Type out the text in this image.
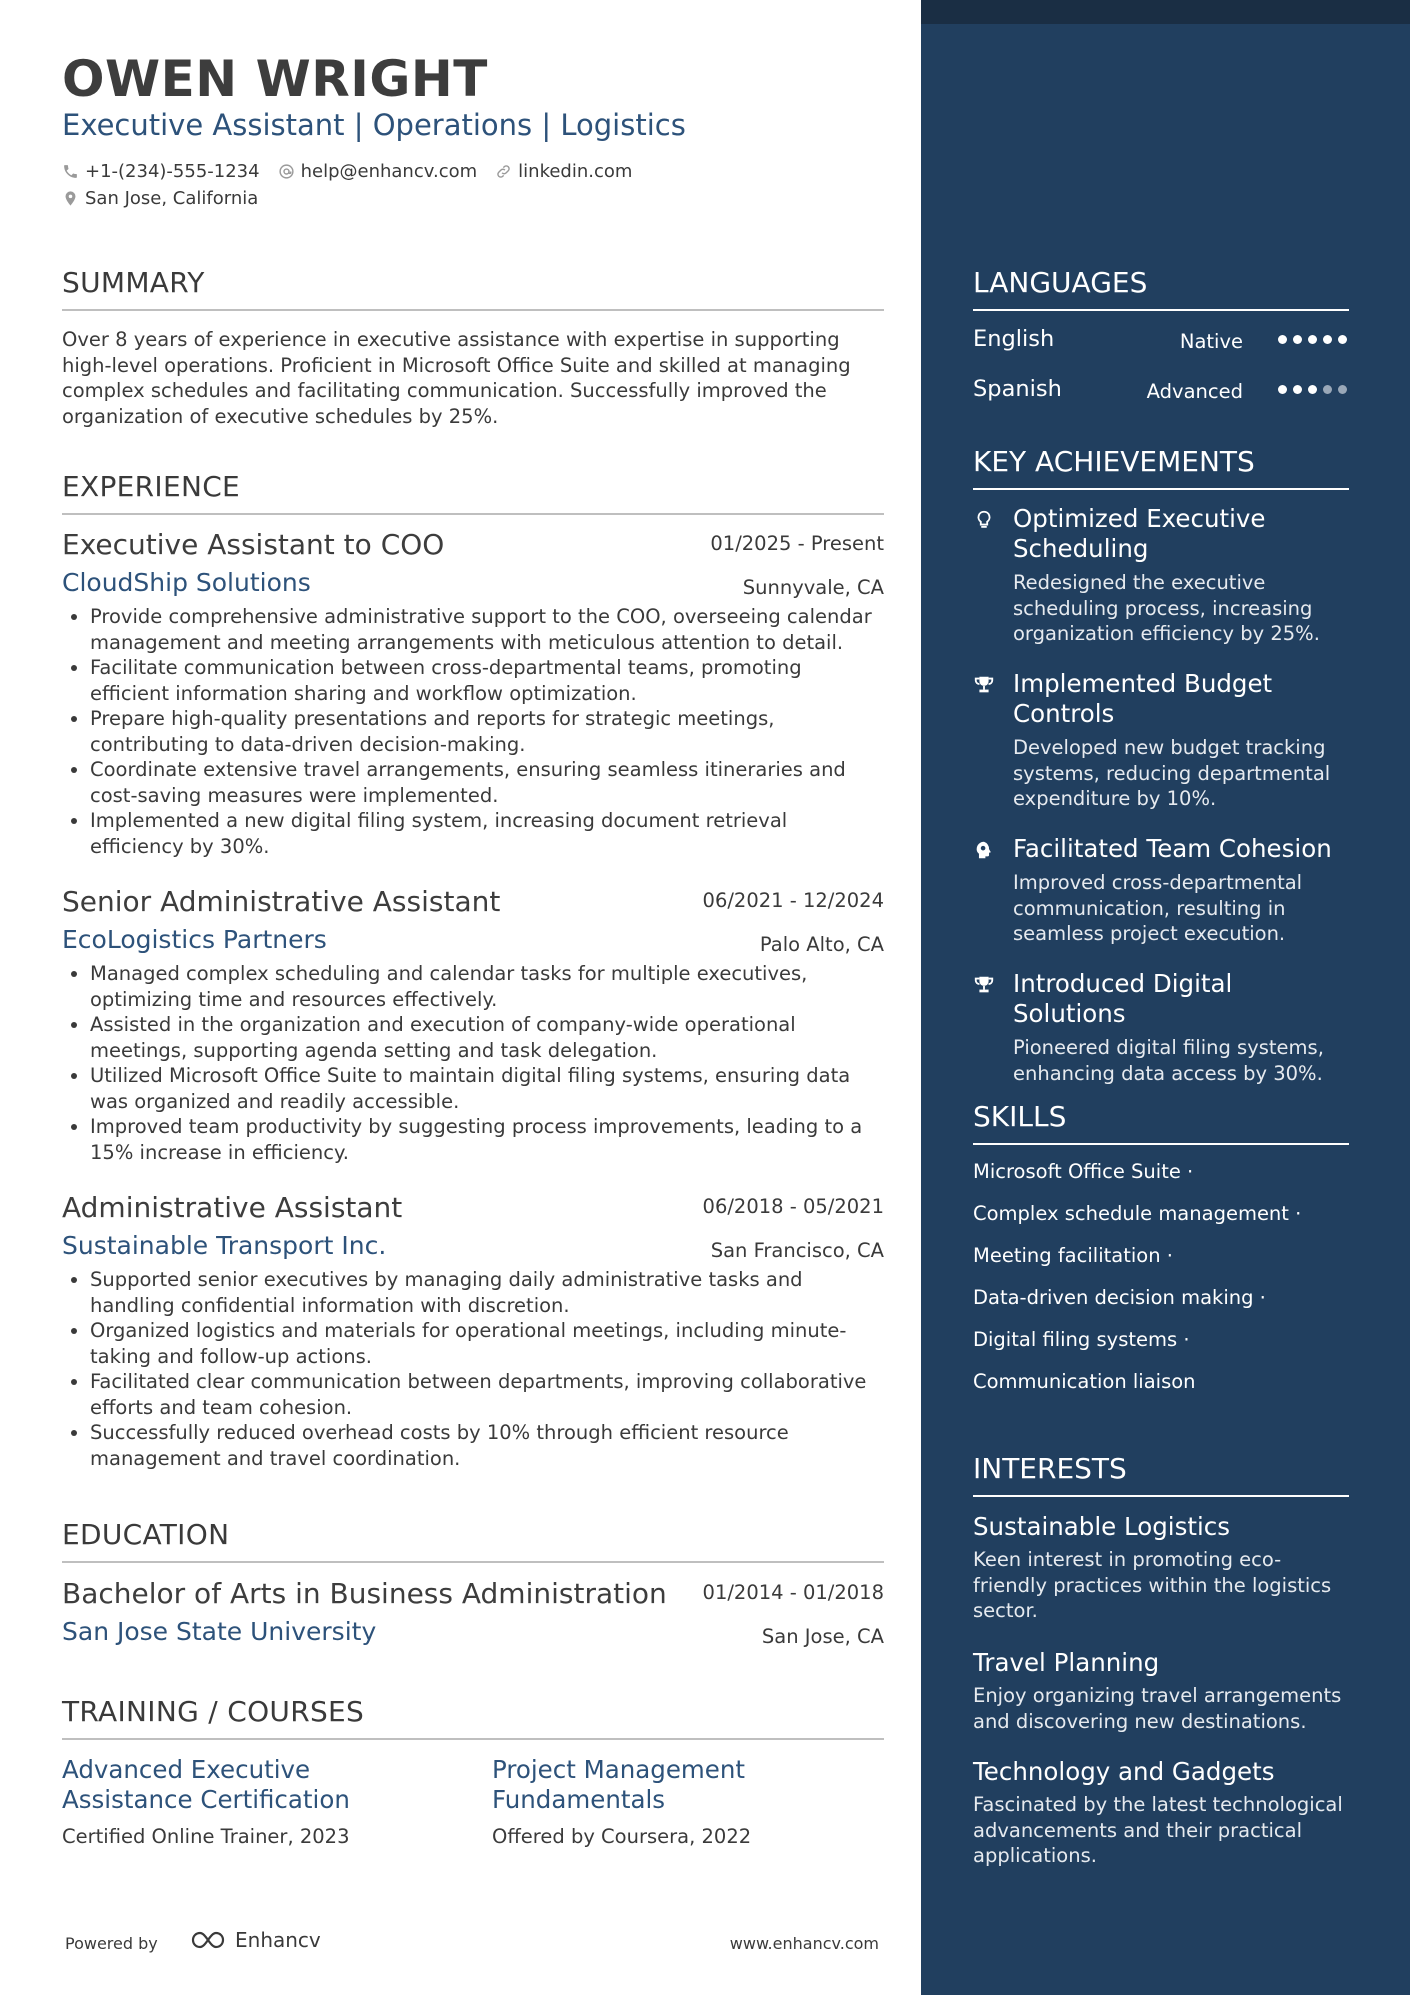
OWEN WRIGHT
Executive Assistant | Operations | Logistics
+1-(234)-555-1234 help@enhancv.com linkedin.com
San Jose, California
SUMMARY
Over 8 years of experience in executive assistance with expertise in supporting high-level operations. Proficient in Microsoft Office Suite and skilled at managing complex schedules and facilitating communication. Successfully improved the organization of executive schedules by 25%.
EXPERIENCE
Executive Assistant to COO	01/2025 - Present
CloudShip Solutions	Sunnyvale, CA
• Provide comprehensive administrative support to the COO, overseeing calendar management and meeting arrangements with meticulous attention to detail.
• Facilitate communication between cross-departmental teams, promoting efficient information sharing and workflow optimization.
• Prepare high-quality presentations and reports for strategic meetings, contributing to data-driven decision-making.
• Coordinate extensive travel arrangements, ensuring seamless itineraries and cost-saving measures were implemented.
• Implemented a new digital filing system, increasing document retrieval efficiency by 30%.
Senior Administrative Assistant	06/2021 - 12/2024
EcoLogistics Partners	Palo Alto, CA
• Managed complex scheduling and calendar tasks for multiple executives, optimizing time and resources effectively.
• Assisted in the organization and execution of company-wide operational meetings, supporting agenda setting and task delegation.
• Utilized Microsoft Office Suite to maintain digital filing systems, ensuring data was organized and readily accessible.
• Improved team productivity by suggesting process improvements, leading to a 15% increase in efficiency.
Administrative Assistant	06/2018 - 05/2021
Sustainable Transport Inc.	San Francisco, CA
• Supported senior executives by managing daily administrative tasks and handling confidential information with discretion.
• Organized logistics and materials for operational meetings, including minute-taking and follow-up actions.
• Facilitated clear communication between departments, improving collaborative efforts and team cohesion.
• Successfully reduced overhead costs by 10% through efficient resource management and travel coordination.
EDUCATION
Bachelor of Arts in Business Administration	01/2014 - 01/2018
San Jose State University	San Jose, CA
TRAINING / COURSES
Advanced Executive Assistance Certification
Certified Online Trainer, 2023
Project Management Fundamentals
Offered by Coursera, 2022
Powered by	Enhancv	www.enhancv.com
LANGUAGES
English	Native
Spanish	Advanced
KEY ACHIEVEMENTS
Optimized Executive Scheduling
Redesigned the executive scheduling process, increasing organization efficiency by 25%.
Implemented Budget Controls
Developed new budget tracking systems, reducing departmental expenditure by 10%.
Facilitated Team Cohesion
Improved cross-departmental communication, resulting in seamless project execution.
Introduced Digital Solutions
Pioneered digital filing systems, enhancing data access by 30%.
SKILLS
Microsoft Office Suite ·
Complex schedule management ·
Meeting facilitation ·
Data-driven decision making ·
Digital filing systems ·
Communication liaison
INTERESTS
Sustainable Logistics
Keen interest in promoting eco-friendly practices within the logistics sector.
Travel Planning
Enjoy organizing travel arrangements and discovering new destinations.
Technology and Gadgets
Fascinated by the latest technological advancements and their practical applications.
